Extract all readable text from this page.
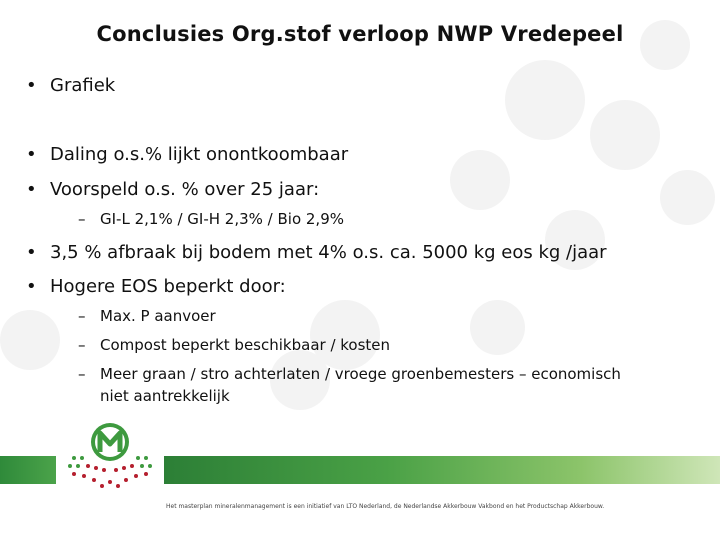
Conclusies Org.stof verloop NWP Vredepeel
• Grafiek
• Daling o.s.% lijkt onontkoombaar
• Voorspeld o.s. % over 25 jaar:
– GI-L 2,1% / GI-H 2,3% / Bio 2,9%
• 3,5 % afbraak bij bodem met 4% o.s. ca. 5000 kg eos kg /jaar
• Hogere EOS beperkt door:
– Max. P aanvoer
– Compost beperkt beschikbaar / kosten
– Meer graan / stro achterlaten / vroege groenbemesters – economisch
niet aantrekkelijk
Het masterplan mineralenmanagement is een initiatief van LTO Nederland, de Nederlandse Akkerbouw Vakbond en het Productschap Akkerbouw.
